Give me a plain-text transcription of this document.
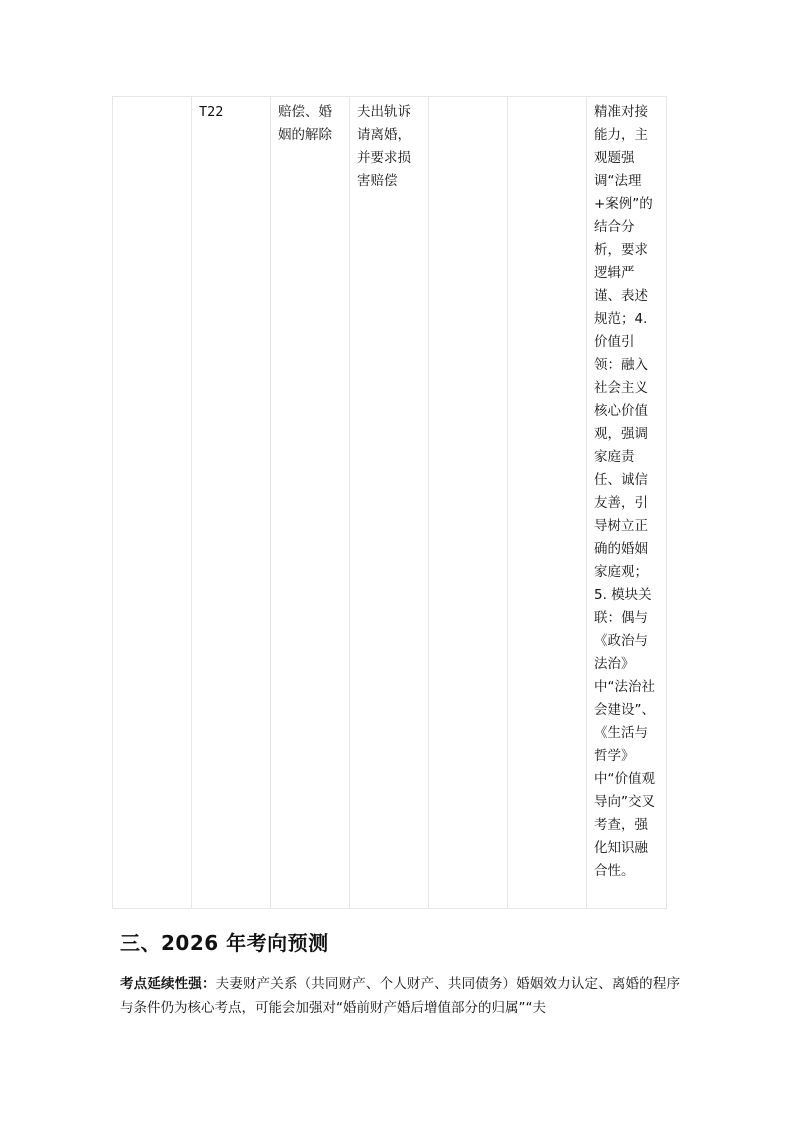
	T22	赔偿、婚姻的解除	夫出轨诉请离婚，并要求损害赔偿			精准对接能力，主观题强调“法理+案例”的结合分析，要求逻辑严谨、表述规范；4. 价值引领：融入社会主义核心价值观，强调家庭责任、诚信友善，引导树立正确的婚姻家庭观；5. 模块关联：偶与《政治与法治》中“法治社会建设”、《生活与哲学》中“价值观导向”交叉考查，强化知识融合性。
三、2026 年考向预测

考点延续性强：夫妻财产关系（共同财产、个人财产、共同债务）婚姻效力认定、离婚的程序与条件仍为核心考点，可能会加强对“婚前财产婚后增值部分的归属”“夫
